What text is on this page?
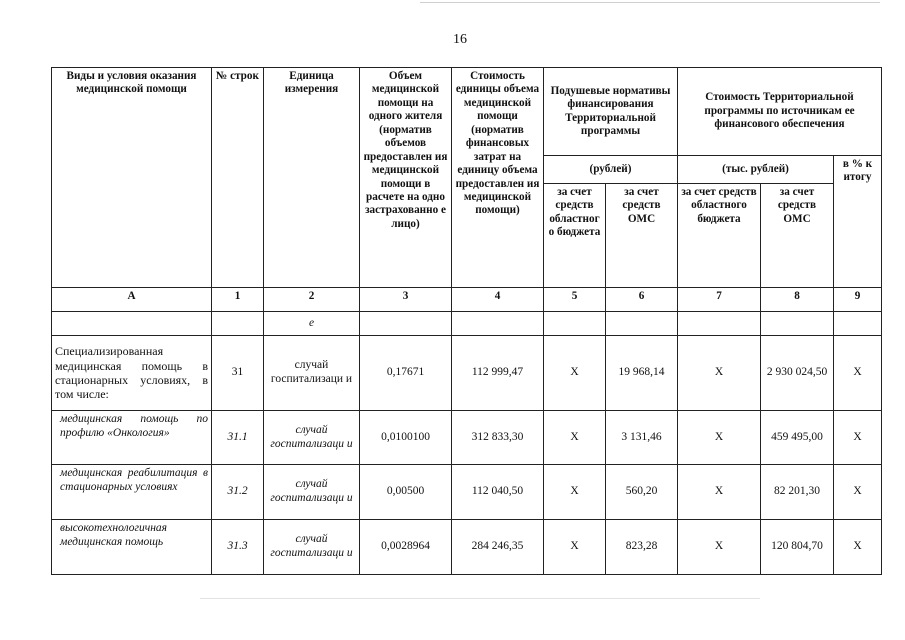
16
Виды и условия оказания медицинской помощи	№ строк	Единица измерения	Объем медицинской помощи на одного жителя (норматив объемов предоставлен ия медицинской помощи в расчете на одно застрахованно е лицо)	Стоимость единицы объема медицинской помощи (норматив финансовых затрат на единицу объема предоставлен ия медицинской помощи)	Подушевые нормативы финансирования Территориальной программы		Стоимость Территориальной программы по источникам ее финансового обеспечения		
					(рублей)		(тыс. рублей)		в % к итогу
					за счет средств областног о бюджета	за счет средств ОМС	за счет средств областного бюджета	за счет средств ОМС	
А	1	2	3	4	5	6	7	8	9
		е							
Специализированная медицинская помощь в стационарных условиях, в том числе:	31	случай госпитализаци и	0,17671	112 999,47	Х	19 968,14	Х	2 930 024,50	Х
медицинская помощь по профилю «Онкология»	31.1	случай госпитализаци и	0,0100100	312 833,30	Х	3 131,46	Х	459 495,00	Х
медицинская реабилитация в стационарных условиях	31.2	случай госпитализаци и	0,00500	112 040,50	Х	560,20	Х	82 201,30	Х
высокотехнологичная медицинская помощь	31.3	случай госпитализаци и	0,0028964	284 246,35	Х	823,28	Х	120 804,70	Х
